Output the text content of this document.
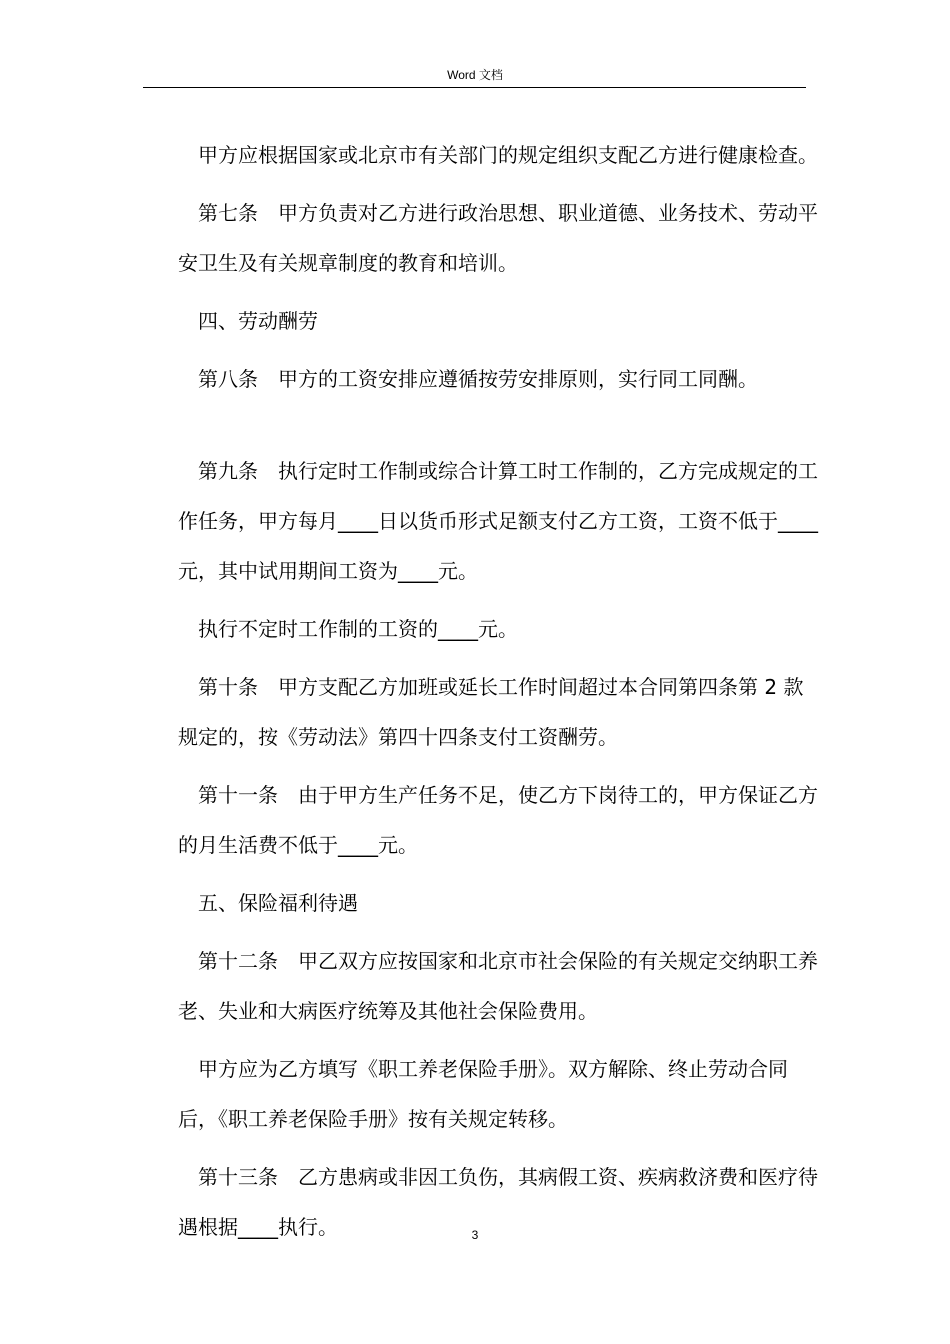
Word 文档

甲方应根据国家或北京市有关部门的规定组织支配乙方进行健康检查。

第七条　甲方负责对乙方进行政治思想、职业道德、业务技术、劳动平安卫生及有关规章制度的教育和培训。

四、劳动酬劳

第八条　甲方的工资安排应遵循按劳安排原则，实行同工同酬。

第九条　执行定时工作制或综合计算工时工作制的，乙方完成规定的工作任务，甲方每月____日以货币形式足额支付乙方工资，工资不低于____元，其中试用期间工资为____元。

执行不定时工作制的工资的____元。

第十条　甲方支配乙方加班或延长工作时间超过本合同第四条第 2 款规定的，按《劳动法》第四十四条支付工资酬劳。

第十一条　由于甲方生产任务不足，使乙方下岗待工的，甲方保证乙方的月生活费不低于____元。

五、保险福利待遇

第十二条　甲乙双方应按国家和北京市社会保险的有关规定交纳职工养老、失业和大病医疗统筹及其他社会保险费用。

甲方应为乙方填写《职工养老保险手册》。双方解除、终止劳动合同后，《职工养老保险手册》按有关规定转移。

第十三条　乙方患病或非因工负伤，其病假工资、疾病救济费和医疗待遇根据____执行。	3
